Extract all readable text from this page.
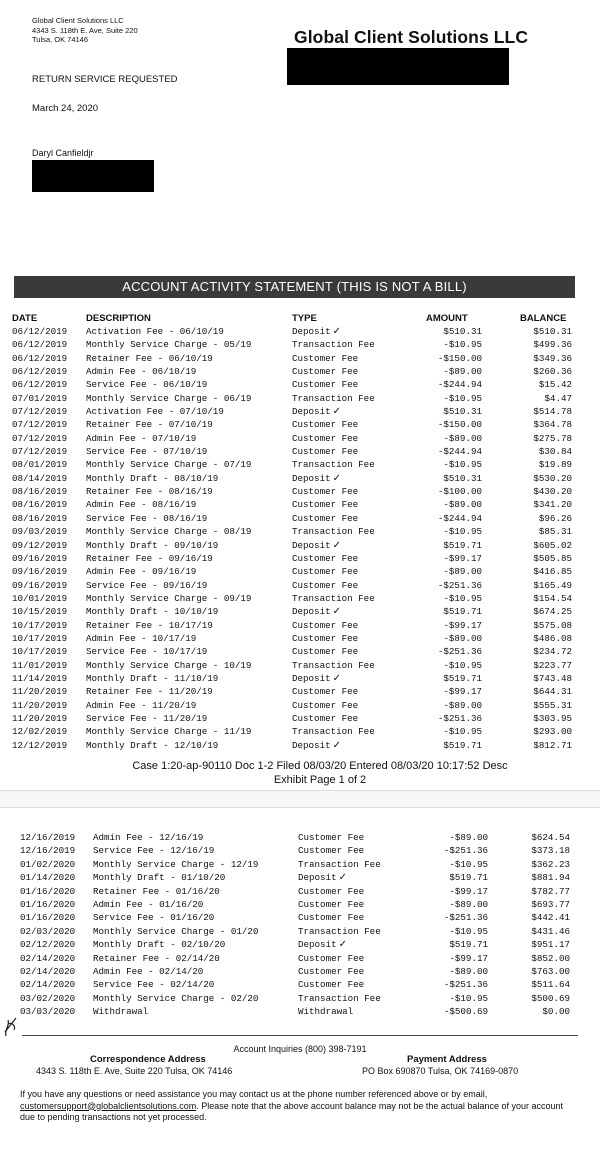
Global Client Solutions LLC
4343 S. 118th E. Ave, Suite 220
Tulsa, OK 74146	Global Client Solutions LLC
RETURN SERVICE REQUESTED
March 24, 2020
Daryl Canfieldjr
ACCOUNT ACTIVITY STATEMENT (THIS IS NOT A BILL)
DATE	DESCRIPTION	TYPE	AMOUNT	BALANCE
06/12/2019 Activation Fee - 06/10/19	Deposit ✓	$510.31	$510.31
06/12/2019 Monthly Service Charge - 05/19	Transaction Fee	-$10.95	$499.36
06/12/2019 Retainer Fee - 06/10/19	Customer Fee	-$150.00	$349.36
06/12/2019 Admin Fee - 06/10/19	Customer Fee	-$89.00	$260.36
06/12/2019 Service Fee - 06/10/19	Customer Fee	-$244.94	$15.42
07/01/2019 Monthly Service Charge - 06/19	Transaction Fee	-$10.95	$4.47
07/12/2019 Activation Fee - 07/10/19	Deposit ✓	$510.31	$514.78
07/12/2019 Retainer Fee - 07/10/19	Customer Fee	-$150.00	$364.78
07/12/2019 Admin Fee - 07/10/19	Customer Fee	-$89.00	$275.78
07/12/2019 Service Fee - 07/10/19	Customer Fee	-$244.94	$30.84
08/01/2019 Monthly Service Charge - 07/19	Transaction Fee	-$10.95	$19.89
08/14/2019 Monthly Draft - 08/10/19	Deposit ✓	$510.31	$530.20
08/16/2019 Retainer Fee - 08/16/19	Customer Fee	-$100.00	$430.20
08/16/2019 Admin Fee - 08/16/19	Customer Fee	-$89.00	$341.20
08/16/2019 Service Fee - 08/16/19	Customer Fee	-$244.94	$96.26
09/03/2019 Monthly Service Charge - 08/19	Transaction Fee	-$10.95	$85.31
09/12/2019 Monthly Draft - 09/10/19	Deposit ✓	$519.71	$605.02
09/16/2019 Retainer Fee - 09/16/19	Customer Fee	-$99.17	$505.85
09/16/2019 Admin Fee - 09/16/19	Customer Fee	-$89.00	$416.85
09/16/2019 Service Fee - 09/16/19	Customer Fee	-$251.36	$165.49
10/01/2019 Monthly Service Charge - 09/19	Transaction Fee	-$10.95	$154.54
10/15/2019 Monthly Draft - 10/10/19	Deposit ✓	$519.71	$674.25
10/17/2019 Retainer Fee - 10/17/19	Customer Fee	-$99.17	$575.08
10/17/2019 Admin Fee - 10/17/19	Customer Fee	-$89.00	$486.08
10/17/2019 Service Fee - 10/17/19	Customer Fee	-$251.36	$234.72
11/01/2019 Monthly Service Charge - 10/19	Transaction Fee	-$10.95	$223.77
11/14/2019 Monthly Draft - 11/10/19	Deposit ✓	$519.71	$743.48
11/20/2019 Retainer Fee - 11/20/19	Customer Fee	-$99.17	$644.31
11/20/2019 Admin Fee - 11/20/19	Customer Fee	-$89.00	$555.31
11/20/2019 Service Fee - 11/20/19	Customer Fee	-$251.36	$303.95
12/02/2019 Monthly Service Charge - 11/19	Transaction Fee	-$10.95	$293.00
12/12/2019 Monthly Draft - 12/10/19	Deposit ✓	$519.71	$812.71
Case 1:20-ap-90110 Doc 1-2 Filed 08/03/20 Entered 08/03/20 10:17:52 Desc
Exhibit Page 1 of 2
12/16/2019 Admin Fee - 12/16/19	Customer Fee	-$89.00	$624.54
12/16/2019 Service Fee - 12/16/19	Customer Fee	-$251.36	$373.18
01/02/2020 Monthly Service Charge - 12/19	Transaction Fee	-$10.95	$362.23
01/14/2020 Monthly Draft - 01/10/20	Deposit ✓	$519.71	$881.94
01/16/2020 Retainer Fee - 01/16/20	Customer Fee	-$99.17	$782.77
01/16/2020 Admin Fee - 01/16/20	Customer Fee	-$89.00	$693.77
01/16/2020 Service Fee - 01/16/20	Customer Fee	-$251.36	$442.41
02/03/2020 Monthly Service Charge - 01/20	Transaction Fee	-$10.95	$431.46
02/12/2020 Monthly Draft - 02/10/20	Deposit ✓	$519.71	$951.17
02/14/2020 Retainer Fee - 02/14/20	Customer Fee	-$99.17	$852.00
02/14/2020 Admin Fee - 02/14/20	Customer Fee	-$89.00	$763.00
02/14/2020 Service Fee - 02/14/20	Customer Fee	-$251.36	$511.64
03/02/2020 Monthly Service Charge - 02/20	Transaction Fee	-$10.95	$500.69
03/03/2020 Withdrawal	Withdrawal	-$500.69	$0.00
Account Inquiries (800) 398-7191
Correspondence Address
4343 S. 118th E. Ave, Suite 220 Tulsa, OK 74146
Payment Address
PO Box 690870 Tulsa, OK 74169-0870
If you have any questions or need assistance you may contact us at the phone number referenced above or by email, customersupport@globalclientsolutions.com. Please note that the above account balance may not be the actual balance of your account due to pending transactions not yet processed.
